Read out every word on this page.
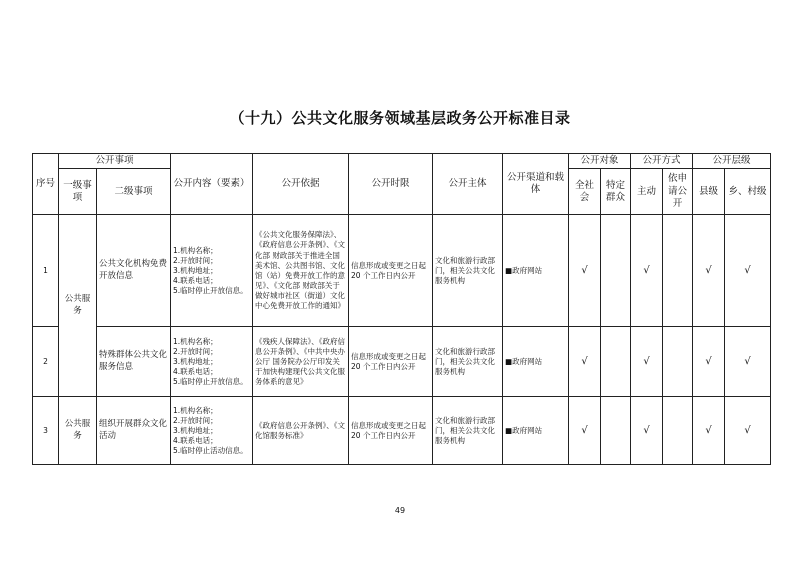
（十九）公共文化服务领域基层政务公开标准目录
序号	公开事项		公开内容（要素）	公开依据	公开时限	公开主体	公开渠道和载体	公开对象		公开方式		公开层级	
	一级事项	二级事项						全社会	特定群众	主动	依申请公开	县级	乡、村级
1	公共服务	公共文化机构免费开放信息	1.机构名称；
2.开放时间；
3.机构地址；
4.联系电话；
5.临时停止开放信息。	《公共文化服务保障法》、《政府信息公开条例》、《文化部 财政部关于推进全国美术馆、公共图书馆、文化馆（站）免费开放工作的意见》、《文化部 财政部关于做好城市社区（街道）文化中心免费开放工作的通知》	信息形成或变更之日起 20 个工作日内公开	文化和旅游行政部门，相关公共文化服务机构	■政府网站	√		√		√	√
2		特殊群体公共文化服务信息	1.机构名称；
2.开放时间；
3.机构地址；
4.联系电话；
5.临时停止开放信息。	《残疾人保障法》、《政府信息公开条例》、《中共中央办公厅 国务院办公厅印发关于加快构建现代公共文化服务体系的意见》	信息形成或变更之日起 20 个工作日内公开	文化和旅游行政部门，相关公共文化服务机构	■政府网站	√		√		√	√
3	公共服务	组织开展群众文化活动	1.机构名称；
2.开放时间；
3.机构地址；
4.联系电话；
5.临时停止活动信息。	《政府信息公开条例》、《文化馆服务标准》	信息形成或变更之日起 20 个工作日内公开	文化和旅游行政部门，相关公共文化服务机构	■政府网站	√		√		√	√
49
